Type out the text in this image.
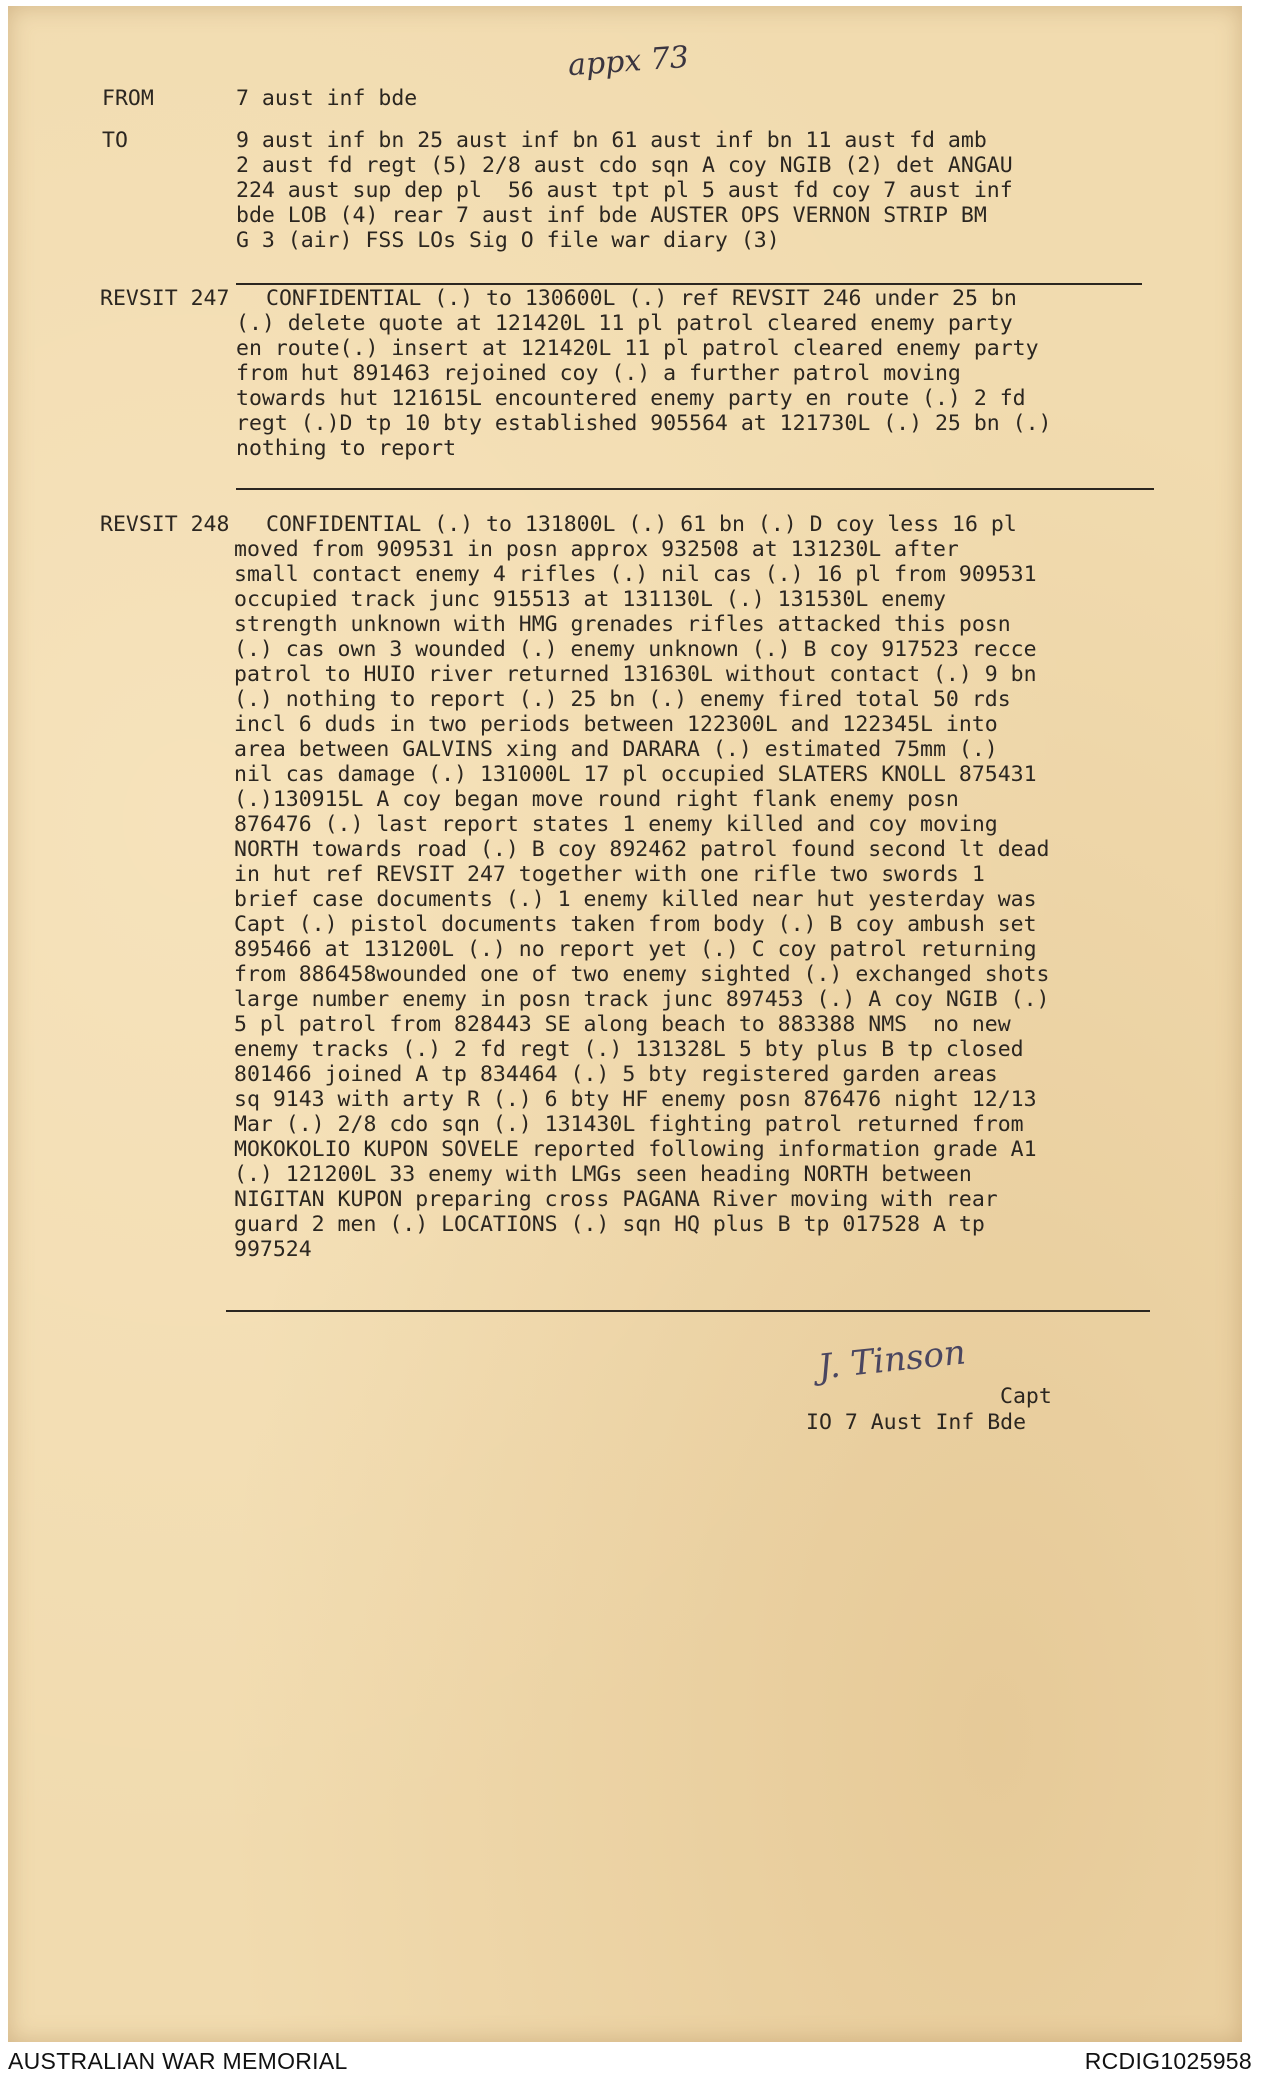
appx 73
FROM	7 aust inf bde
TO	9 aust inf bn 25 aust inf bn 61 aust inf bn 11 aust fd amb
2 aust fd regt (5) 2/8 aust cdo sqn A coy NGIB (2) det ANGAU
224 aust sup dep pl  56 aust tpt pl 5 aust fd coy 7 aust inf
bde LOB (4) rear 7 aust inf bde AUSTER OPS VERNON STRIP BM
G 3 (air) FSS LOs Sig O file war diary (3)
REVSIT 247 CONFIDENTIAL (.) to 130600L (.) ref REVSIT 246 under 25 bn
(.) delete quote at 121420L 11 pl patrol cleared enemy party
en route(.) insert at 121420L 11 pl patrol cleared enemy party
from hut 891463 rejoined coy (.) a further patrol moving
towards hut 121615L encountered enemy party en route (.) 2 fd
regt (.)D tp 10 bty established 905564 at 121730L (.) 25 bn (.)
nothing to report
REVSIT 248 CONFIDENTIAL (.) to 131800L (.) 61 bn (.) D coy less 16 pl
moved from 909531 in posn approx 932508 at 131230L after
small contact enemy 4 rifles (.) nil cas (.) 16 pl from 909531
occupied track junc 915513 at 131130L (.) 131530L enemy
strength unknown with HMG grenades rifles attacked this posn
(.) cas own 3 wounded (.) enemy unknown (.) B coy 917523 recce
patrol to HUIO river returned 131630L without contact (.) 9 bn
(.) nothing to report (.) 25 bn (.) enemy fired total 50 rds
incl 6 duds in two periods between 122300L and 122345L into
area between GALVINS xing and DARARA (.) estimated 75mm (.)
nil cas damage (.) 131000L 17 pl occupied SLATERS KNOLL 875431
(.)130915L A coy began move round right flank enemy posn
876476 (.) last report states 1 enemy killed and coy moving
NORTH towards road (.) B coy 892462 patrol found second lt dead
in hut ref REVSIT 247 together with one rifle two swords 1
brief case documents (.) 1 enemy killed near hut yesterday was
Capt (.) pistol documents taken from body (.) B coy ambush set
895466 at 131200L (.) no report yet (.) C coy patrol returning
from 886458wounded one of two enemy sighted (.) exchanged shots
large number enemy in posn track junc 897453 (.) A coy NGIB (.)
5 pl patrol from 828443 SE along beach to 883388 NMS  no new
enemy tracks (.) 2 fd regt (.) 131328L 5 bty plus B tp closed
801466 joined A tp 834464 (.) 5 bty registered garden areas
sq 9143 with arty R (.) 6 bty HF enemy posn 876476 night 12/13
Mar (.) 2/8 cdo sqn (.) 131430L fighting patrol returned from
MOKOKOLIO KUPON SOVELE reported following information grade A1
(.) 121200L 33 enemy with LMGs seen heading NORTH between
NIGITAN KUPON preparing cross PAGANA River moving with rear
guard 2 men (.) LOCATIONS (.) sqn HQ plus B tp 017528 A tp
997524
J. Tinson
Capt
IO 7 Aust Inf Bde
AUSTRALIAN WAR MEMORIAL	RCDIG1025958
